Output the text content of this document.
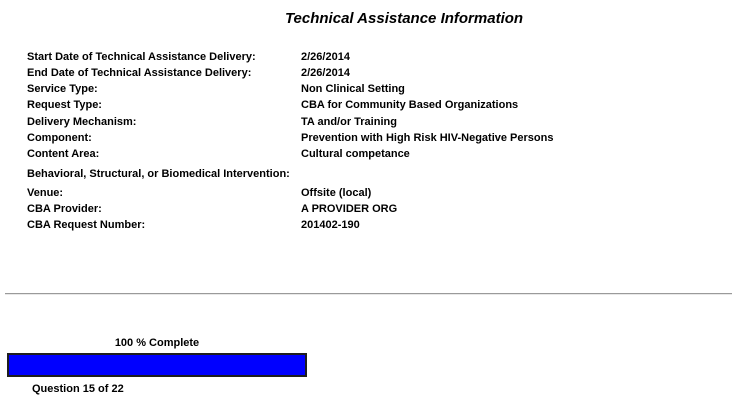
Technical Assistance Information
Start Date of Technical Assistance Delivery:	2/26/2014
End Date of Technical Assistance Delivery:	2/26/2014
Service Type:	Non Clinical Setting
Request Type:	CBA for Community Based Organizations
Delivery Mechanism:	TA and/or Training
Component:	Prevention with High Risk HIV-Negative Persons
Content Area:	Cultural competance
Behavioral, Structural, or Biomedical Intervention:
Venue:	Offsite (local)
CBA Provider:	A PROVIDER ORG
CBA Request Number:	201402-190
100 % Complete
Question 15 of 22
